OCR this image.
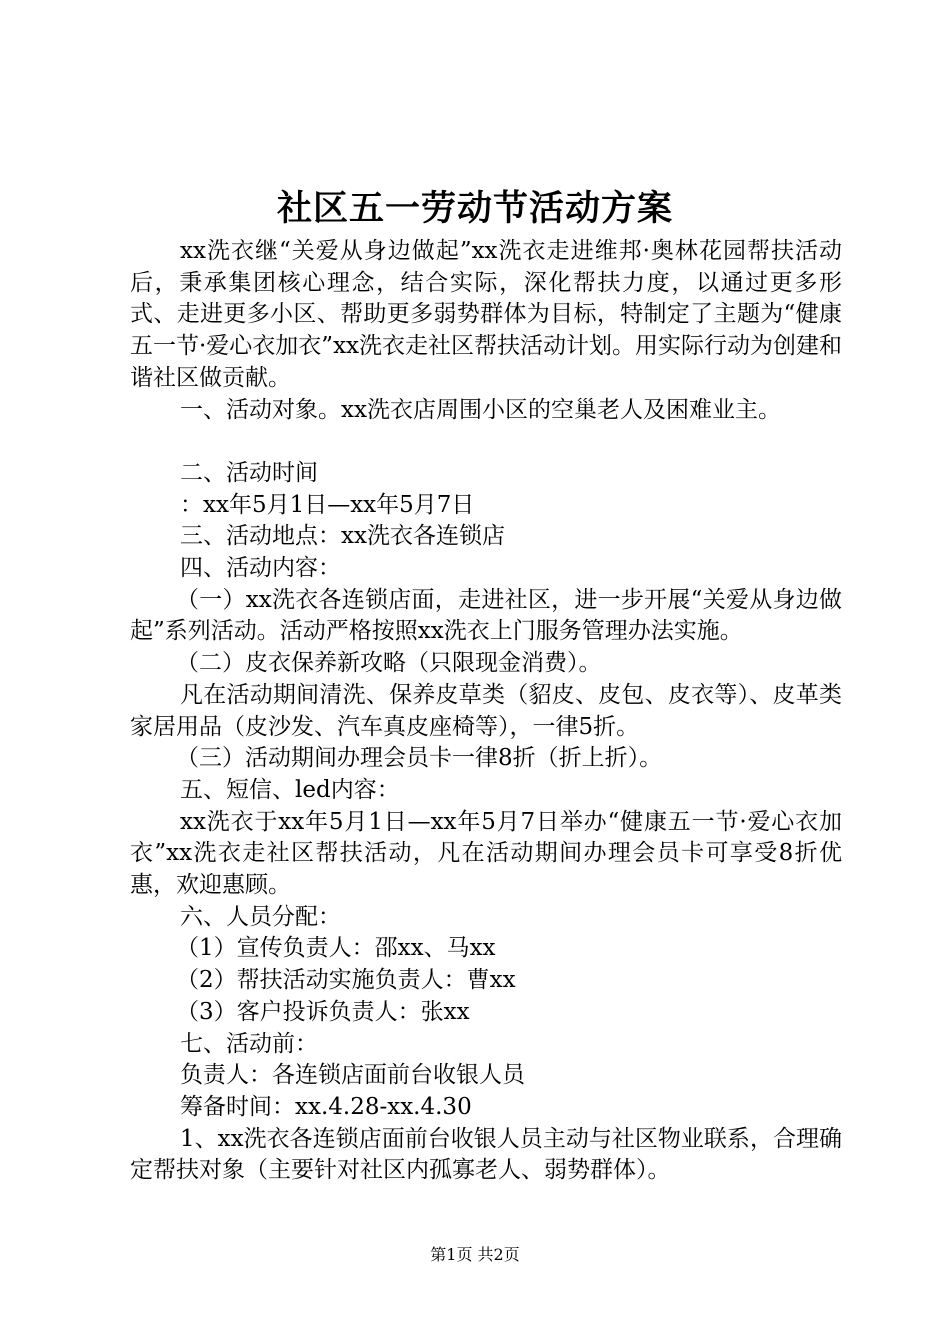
社区五一劳动节活动方案

xx洗衣继“关爱从身边做起”xx洗衣走进维邦·奥林花园帮扶活动后，秉承集团核心理念，结合实际，深化帮扶力度，以通过更多形式、走进更多小区、帮助更多弱势群体为目标，特制定了主题为“健康五一节·爱心衣加衣”xx洗衣走社区帮扶活动计划。用实际行动为创建和谐社区做贡献。

一、活动对象。xx洗衣店周围小区的空巢老人及困难业主。

二、活动时间

：xx年5月1日—xx年5月7日

三、活动地点：xx洗衣各连锁店

四、活动内容：

（一）xx洗衣各连锁店面，走进社区，进一步开展“关爱从身边做起”系列活动。活动严格按照xx洗衣上门服务管理办法实施。

（二）皮衣保养新攻略（只限现金消费）。

凡在活动期间清洗、保养皮草类（貂皮、皮包、皮衣等）、皮革类家居用品（皮沙发、汽车真皮座椅等），一律5折。

（三）活动期间办理会员卡一律8折（折上折）。

五、短信、led内容：

xx洗衣于xx年5月1日—xx年5月7日举办“健康五一节·爱心衣加衣”xx洗衣走社区帮扶活动，凡在活动期间办理会员卡可享受8折优惠，欢迎惠顾。

六、人员分配：

（1）宣传负责人：邵xx、马xx

（2）帮扶活动实施负责人：曹xx

（3）客户投诉负责人：张xx

七、活动前：

负责人：各连锁店面前台收银人员

筹备时间：xx.4.28-xx.4.30

1、xx洗衣各连锁店面前台收银人员主动与社区物业联系，合理确定帮扶对象（主要针对社区内孤寡老人、弱势群体）。

第1页 共2页
